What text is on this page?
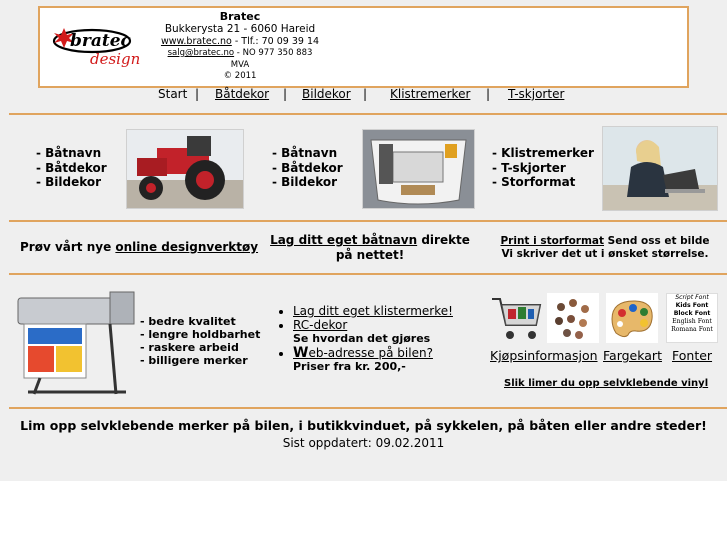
bratec
design
Bratec
Bukkerysta 21 - 6060 Hareid
www.bratec.no - Tlf.: 70 09 39 14
salg@bratec.no - NO 977 350 883
MVA
© 2011
Start | Båtdekor | Bildekor | Klistremerker | T-skjorter
- Båtnavn
- Båtdekor
- Bildekor
- Båtnavn
- Båtdekor
- Bildekor
- Klistremerker
- T-skjorter
- Storformat
Prøv vårt nye online designverktøy	Lag ditt eget båtnavn direkte på nettet!
Print i storformat Send oss et bilde
Vi skriver det ut i ønsket størrelse.
- bedre kvalitet
- lengre holdbarhet
- raskere arbeid
- billigere merker
• Lag ditt eget klistermerke!
• RC-dekor
Se hvordan det gjøres
• Web-adresse på bilen?
Priser fra kr. 200,-
Script Font
Kids Font
Block Font
English Font
Romana Font
Kjøpsinformasjon Fargekart Fonter
Slik limer du opp selvklebende vinyl
Lim opp selvklebende merker på bilen, i butikkvinduet, på sykkelen, på båten eller andre steder!
Sist oppdatert: 09.02.2011
